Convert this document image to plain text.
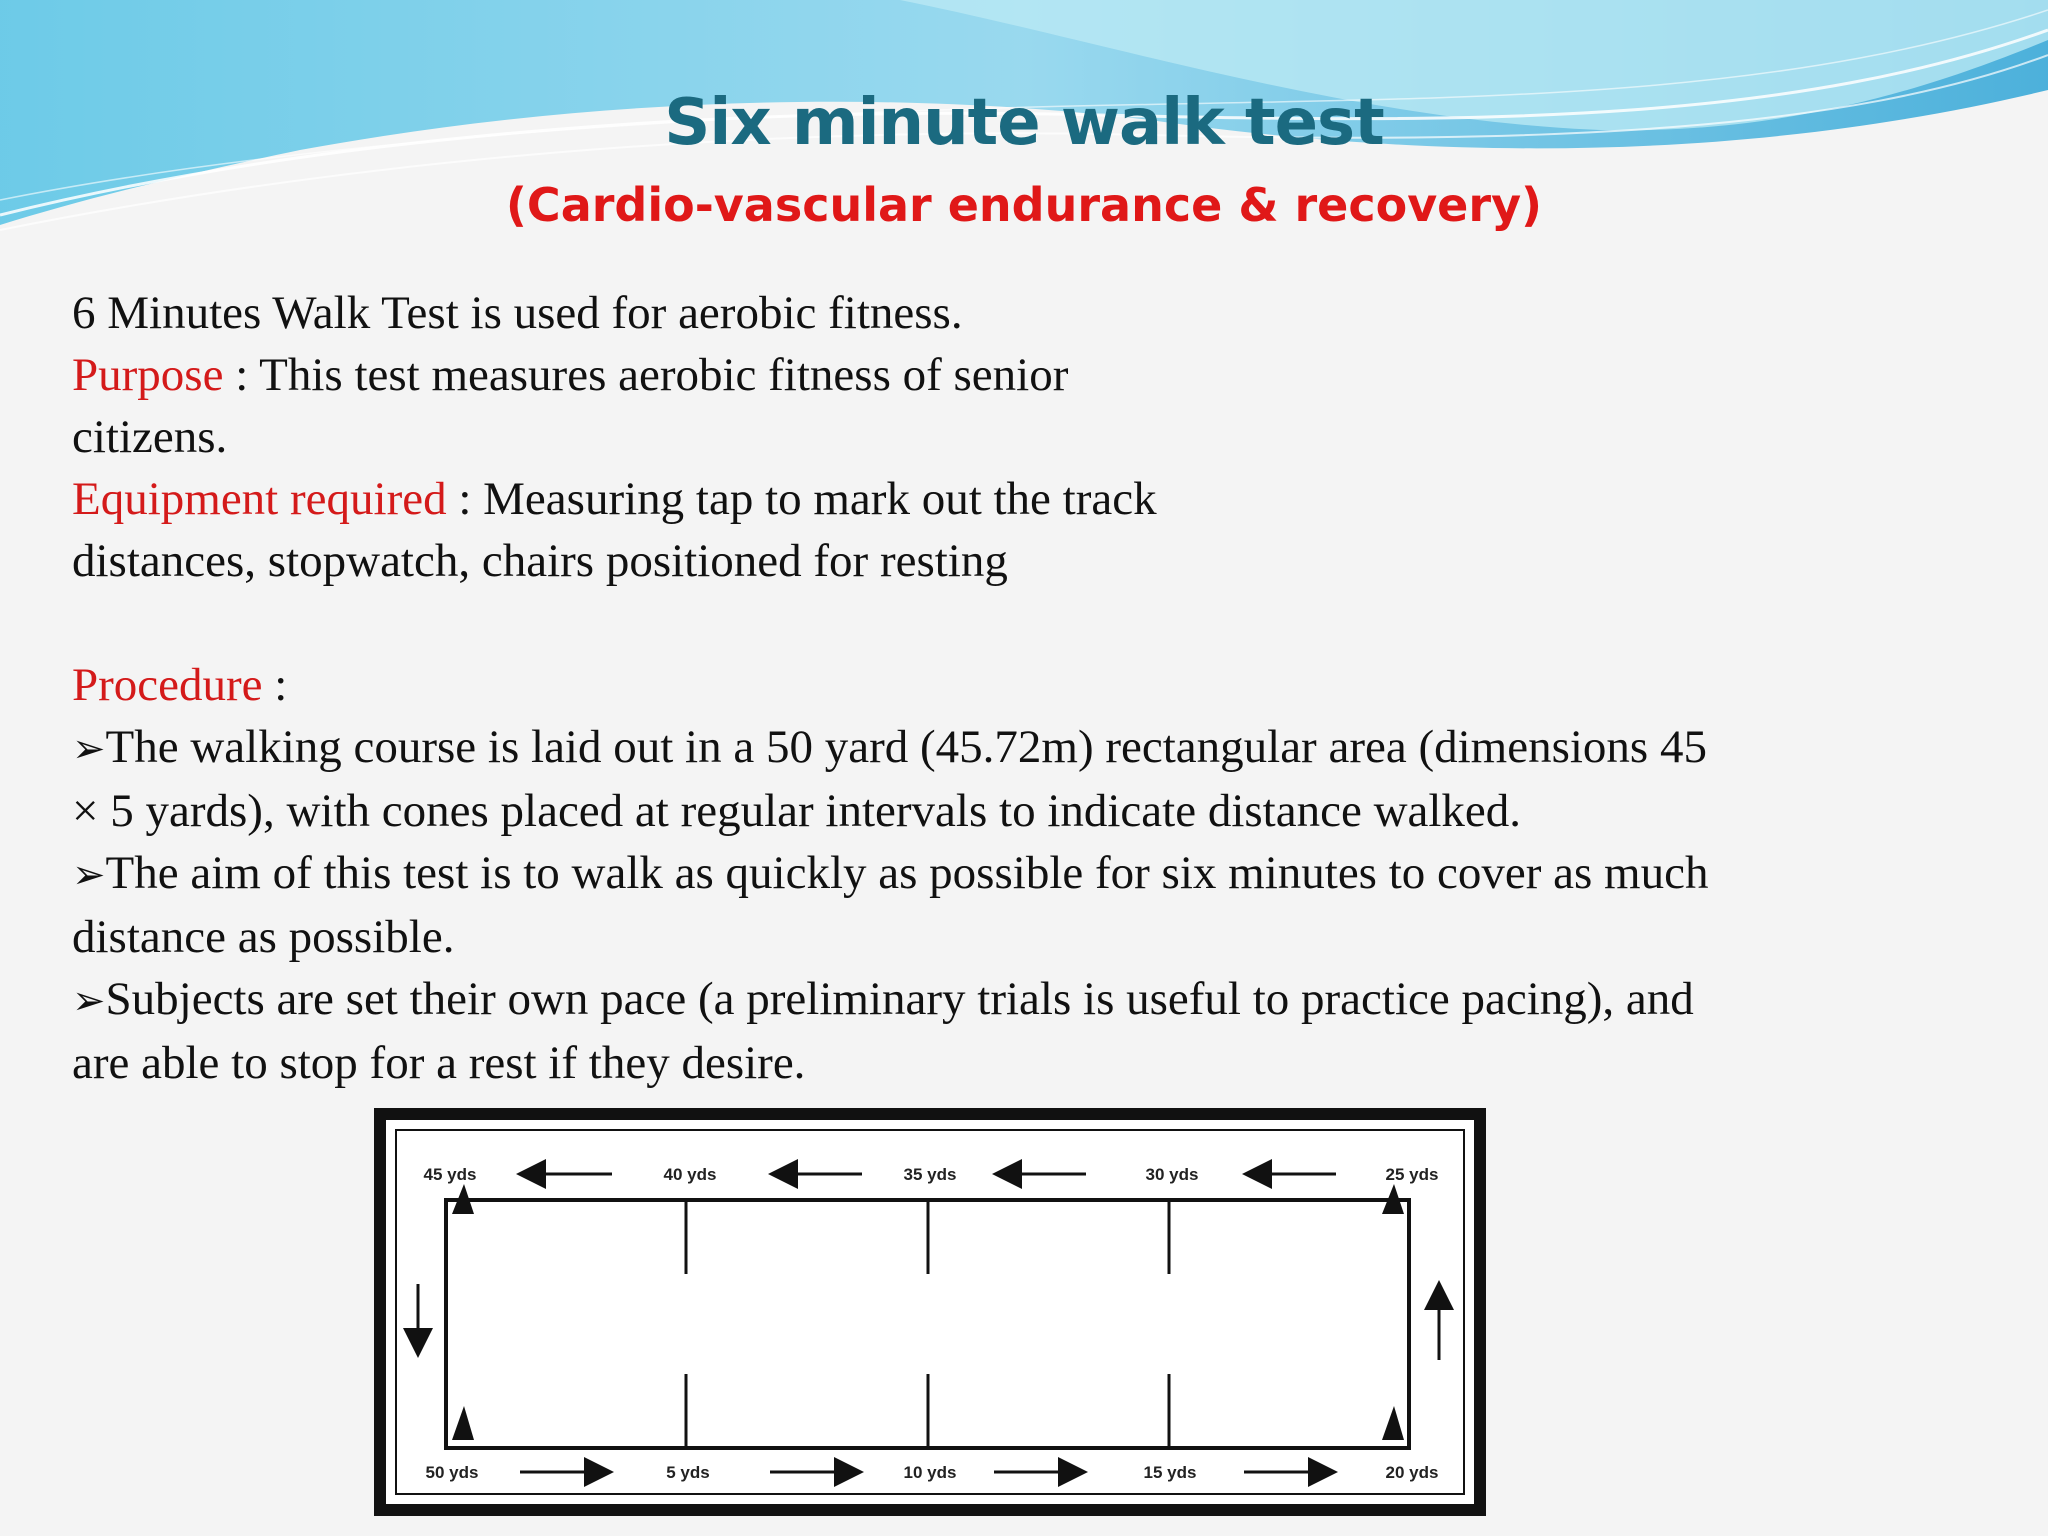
Six minute walk test
(Cardio-vascular endurance & recovery)

6 Minutes Walk Test is used for aerobic fitness.

Purpose : This test measures aerobic fitness of senior

citizens.

Equipment required : Measuring tap to mark out the track

distances, stopwatch, chairs positioned for resting

Procedure :

➢The walking course is laid out in a 50 yard (45.72m) rectangular area (dimensions 45

× 5 yards), with cones placed at regular intervals to indicate distance walked.

➢The aim of this test is to walk as quickly as possible for six minutes to cover as much

distance as possible.

➢Subjects are set their own pace (a preliminary trials is useful to practice pacing), and

are able to stop for a rest if they desire.

45 yds	40 yds	35 yds	30 yds	25 yds
50 yds	5 yds	10 yds	15 yds	20 yds
